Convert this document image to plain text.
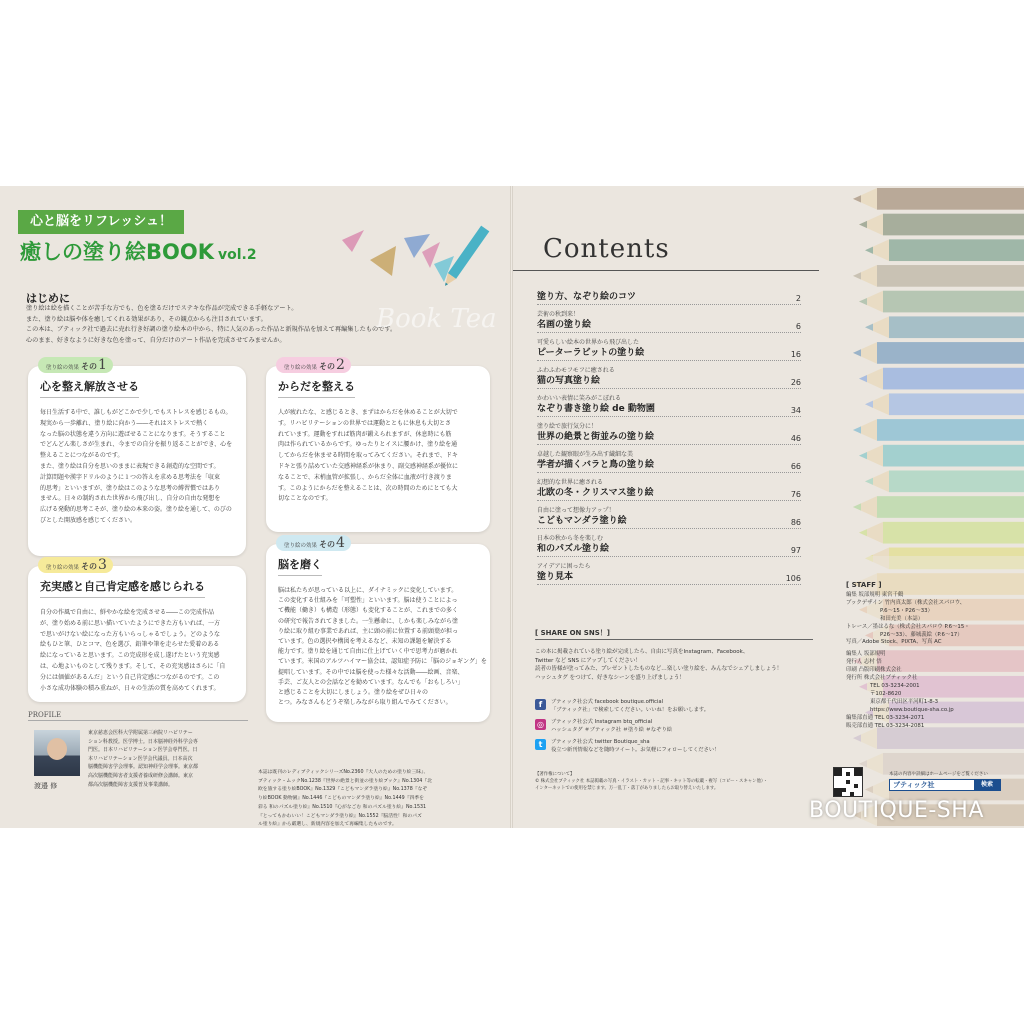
心と脳をリフレッシュ！
癒しの塗り絵BOOK vol.2
はじめに

塗り絵は絵を描くことが苦手な方でも、色を塗るだけでステキな作品が完成できる手軽なアート。

また、塗り絵は脳や体を癒してくれる効果があり、その観点からも注目されています。

この本は、ブティック社で過去に売れ行き好調の塗り絵本の中から、特に人気のあった作品と新規作品を加えて再編集したものです。

心のまま、好きなように好きな色を塗って、自分だけのアート作品を完成させてみませんか。

塗り絵の効果 その1
心を整え解放させる

毎日生活する中で、誰しもがどこかで少しでもストレスを感じるもの。

現実から一歩離れ、塗り絵に向かう――それはストレスで熱く

なった脳の状態を違う方向に遊ばせることになります。そうすること

でどんどん楽しさが生まれ、今までの自分を振り返ることができ、心を

整えることにつながるのです。

また、塗り絵は自分を思いのままに表現できる創造的な空間です。

計算問題や漢字ドリルのように１つの答えを求める思考法を「収束

的思考」といいますが、塗り絵はこのような思考の縛習慣ではあり

ません。日々の制約された世界から飛び出し、自分の自由な発想を

広げる発動的思考こそが、塗り絵の本来の姿。塗り絵を通して、のびの

びとした開放感を感じてください。

塗り絵の効果 その2
からだを整える

人が疲れたな、と感じるとき、まずはからだを休めることが大切で

す。リハビリテーションの世界では運動とともに休息も大切とさ

れています。運動をすれば筋肉が鍛えられますが、休息時にも筋

肉は作られているからです。ゆったりとイスに腰かけ、塗り絵を通

してからだを休ませる時間を取ってみてください。それまで、ドキ

ドキと張り詰めていた交感神経系が休まり、副交感神経系が優位に

なることで、末梢血管が拡張し、からだ全体に血液が行き渡りま

す。このようにからだを整えることは、次の時間のためにとても大

切なことなのです。

塗り絵の効果 その3
充実感と自己肯定感を感じられる

自分の作風で自由に、鮮やかな絵を完成させる――この完成作品

が、塗り始める前に思い描いていたようにできた方もいれば、一方

で思いがけない絵になった方もいらっしゃるでしょう。どのような

絵もひと筆、ひとコマ、色を選び、鉛筆や筆を走らせた愛着のある

絵になっていると思います。この完成形を成し遂げたという充実感

は、心地よいものとして残ります。そして、その充実感はさらに「自

分には価値があるんだ」という自己肯定感につながるのです。この

小さな成功体験の積み重ねが、日々の生活の質を高めてくれます。

塗り絵の効果 その4
脳を磨く

脳は私たちが思っている以上に、ダイナミックに変化しています。

この変化する仕組みを「可塑性」といいます。脳は使うことによっ

て機能（働き）も構造（形態）も変化することが、これまでの多く

の研究で報告されてきました。一生懸命に、しかも楽しみながら塗

り絵に取り組む事業であれば、主に頭の前に位置する前頭葉が担っ

ています。色の選択や構図を考えるなど、未知の課題を解決する

能力です。塗り絵を通じて自由に仕上げていく中で思考力が磨かれ

ています。米国のアルツハイマー協会は、認知症予防に「脳のジョギング」を

提唱しています。その中では脳を使った様々な活動――絵画、音楽、

手芸、ご友人との会話などを勧めています。なんでも「おもしろい」

と感じることを大切にしましょう。塗り絵をぜひ日々の

とつ。みなさんもどうぞ楽しみながら取り組んでみてください。

PROFILE
渡邉 修

東京慈恵会医科大学附属第三病院リハビリテー

ション科教授。医学博士。日本脳神経外科学会専

門医。日本リハビリテーション医学会専門医。日

本リハビリテーション医学会代議員。日本高次

脳機能障害学会理事。認知神経学会理事。東京都

高次脳機能障害者支援者養成研修会講師。東京

都高次脳機能障害支援普及事業講師。

本誌は既刊のレディブティックシリーズNo.2360『大人のための塗り絵三昧』、

ブティック・ムックNo.1238『世界の絶景と街並の塗り絵ブック』No.1304『北

欧を旅する塗り絵BOOK』No.1329『こどもマンダラ塗り絵』No.1378『なぞ

り絵BOOK 動物園』No.1446『こどものマンダラ塗り絵』No.1449『四季を

彩る 和のパズル塗り絵』No.1510『心がなごむ 和のパズル塗り絵』No.1531

『とってもかわいい！こどもマンダラ塗り絵』No.1552『脳活性！和のパズ

ル塗り絵』から厳選し、新規内容を加えて再編集したものです。

Book Tea
Contents
塗り方、なぞり絵のコツ	2
芸術の秋到来！
名画の塗り絵	6
可愛らしい絵本の世界から飛び出した
ピーターラビットの塗り絵	16
ふわふわモフモフに癒される
猫の写真塗り絵	26
かわいい表情に笑みがこぼれる
なぞり書き塗り絵 de 動物園	34
塗り絵で旅行気分に！
世界の絶景と街並みの塗り絵	46
卓越した観察眼が生み出す繊細な美
学者が描くバラと鳥の塗り絵	66
幻想的な世界に癒される
北欧の冬・クリスマス塗り絵	76
自由に塗って想像力アップ！
こどもマンダラ塗り絵	86
日本の秋から冬を楽しむ
和のパズル塗り絵	97
アイデアに困ったら
塗り見本	106
[ SHARE ON SNS！]

この本に掲載されている塗り絵が完成したら、自由に写真をInstagram、Facebook、

Twitter など SNS にアップしてください！

読者の皆様が塗ってみた、プレゼントしたものなど…楽しい塗り絵を、みんなでシェアしましょう！

ハッシュタグ をつけて、好きなシーンを盛り上げましょう！

f	ブティック社公式 facebook boutique.official

「ブティック社」で検索してください。いいね！をお願いします。

◎	ブティック社公式 Instagram btq_official

ハッシュタグ ＃ブティック社 ＃塗り絵 ＃なぞり絵

t	ブティック社公式 twitter Boutique_sha

役立つ新刊情報などを随時ツイート。お気軽にフォローしてください！

【著作権について】

© 株式会社ブティック社 本誌掲載の写真・イラスト・カット・記事・キット等の転載・複写（コピー・スキャン他）・

インターネットでの使用を禁じます。万一乱丁・落丁がありましたらお取り替えいたします。

[ STAFF ]

編集 坂部規明 東宮千鶴

ブックデザイン 竹内真太郎（株式会社スパロウ、

P.6～15・P26～33）

和田充美（本誌）

トレース／墨はるな（株式会社スパロウ P.6～15・

P26～33）、藤城義絵（P.6～17）

写真／Adobe Stock、PIXTA、写真 AC

編集人 坂部規明

発行人 志村 悟

印刷 凸版印刷株式会社

発行所 株式会社ブティック社

TEL 03-3234-2001

〒102-8620

東京都千代田区平河町1-8-3

https://www.boutique-sha.co.jp

編集部直通 TEL 03-3234-2071

販売部直通 TEL 03-3234-2081

本誌の内容や詳細はホームページをご覧ください
ブティック社	検索
BOUTIQUE-SHA
